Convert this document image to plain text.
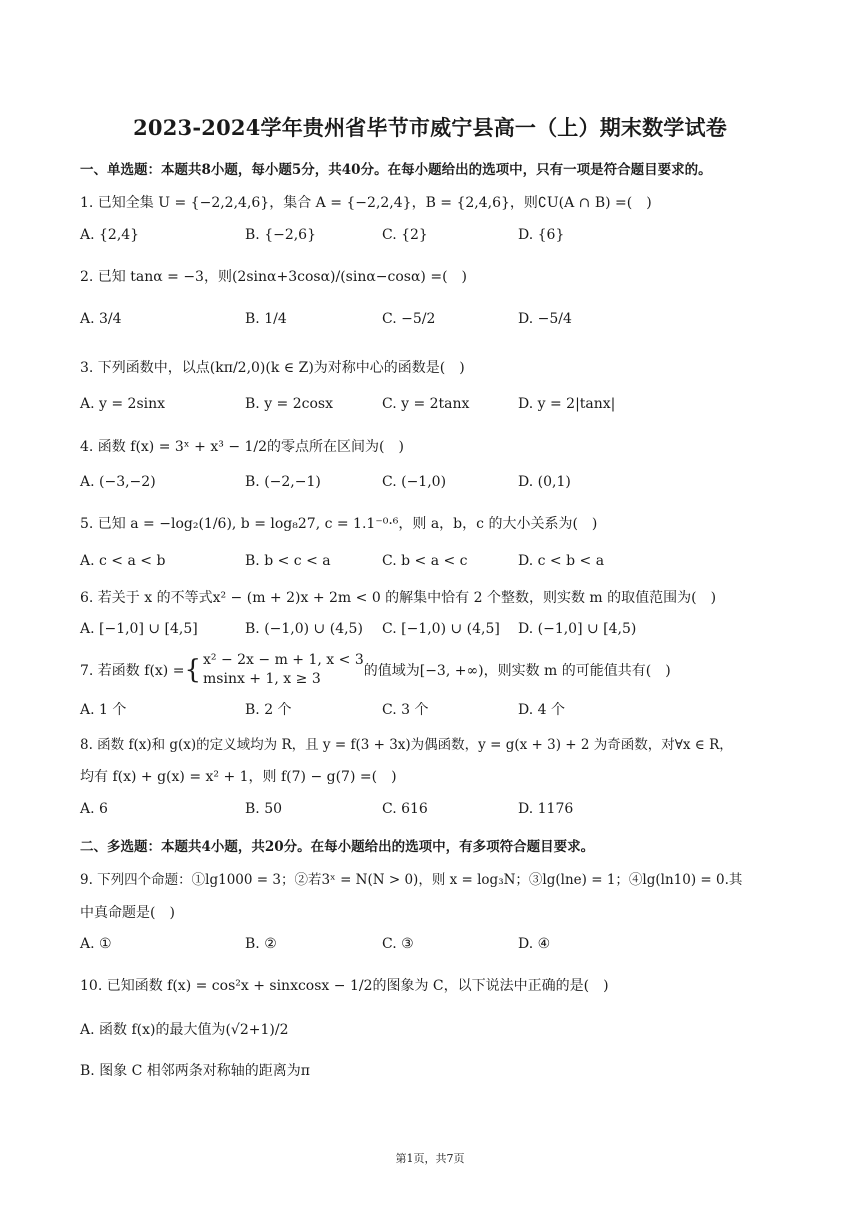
2023-2024学年贵州省毕节市威宁县高一（上）期末数学试卷
一、单选题：本题共8小题，每小题5分，共40分。在每小题给出的选项中，只有一项是符合题目要求的。
1. 已知全集 U = {−2,2,4,6}，集合 A = {−2,2,4}，B = {2,4,6}，则∁U(A ∩ B) =(　)
A. {2,4}	B. {−2,6}	C. {2}	D. {6}
2. 已知 tanα = −3，则(2sinα+3cosα)/(sinα−cosα) =(　)
A. 3/4	B. 1/4	C. −5/2	D. −5/4
3. 下列函数中，以点(kπ/2,0)(k ∈ Z)为对称中心的函数是(　)
A. y = 2sinx	B. y = 2cosx	C. y = 2tanx	D. y = 2|tanx|
4. 函数 f(x) = 3ˣ + x³ − 1/2的零点所在区间为(　)
A. (−3,−2)	B. (−2,−1)	C. (−1,0)	D. (0,1)
5. 已知 a = −log₂(1/6), b = log₈27, c = 1.1⁻⁰·⁶，则 a，b，c 的大小关系为(　)
A. c < a < b	B. b < c < a	C. b < a < c	D. c < b < a
6. 若关于 x 的不等式x² − (m + 2)x + 2m < 0 的解集中恰有 2 个整数，则实数 m 的取值范围为(　)
A. [−1,0] ∪ [4,5]	B. (−1,0) ∪ (4,5) C. [−1,0) ∪ (4,5] D. (−1,0] ∪ [4,5)
7. 若函数 f(x) = { x² − 2x − m + 1, x < 3
msinx + 1, x ≥ 3	的值域为[−3, +∞)，则实数 m 的可能值共有(　)
A. 1 个	B. 2 个	C. 3 个	D. 4 个
8. 函数 f(x)和 g(x)的定义域均为 R，且 y = f(3 + 3x)为偶函数，y = g(x + 3) + 2 为奇函数，对∀x ∈ R，
均有 f(x) + g(x) = x² + 1，则 f(7) − g(7) =(　)
A. 6	B. 50	C. 616	D. 1176
二、多选题：本题共4小题，共20分。在每小题给出的选项中，有多项符合题目要求。
9. 下列四个命题：①lg1000 = 3；②若3ˣ = N(N > 0)，则 x = log₃N；③lg(lne) = 1；④lg(ln10) = 0.其
中真命题是(　)
A. ①	B. ②	C. ③	D. ④
10. 已知函数 f(x) = cos²x + sinxcosx − 1/2的图象为 C，以下说法中正确的是(　)
A. 函数 f(x)的最大值为(√2+1)/2
B. 图象 C 相邻两条对称轴的距离为π
第1页，共7页
